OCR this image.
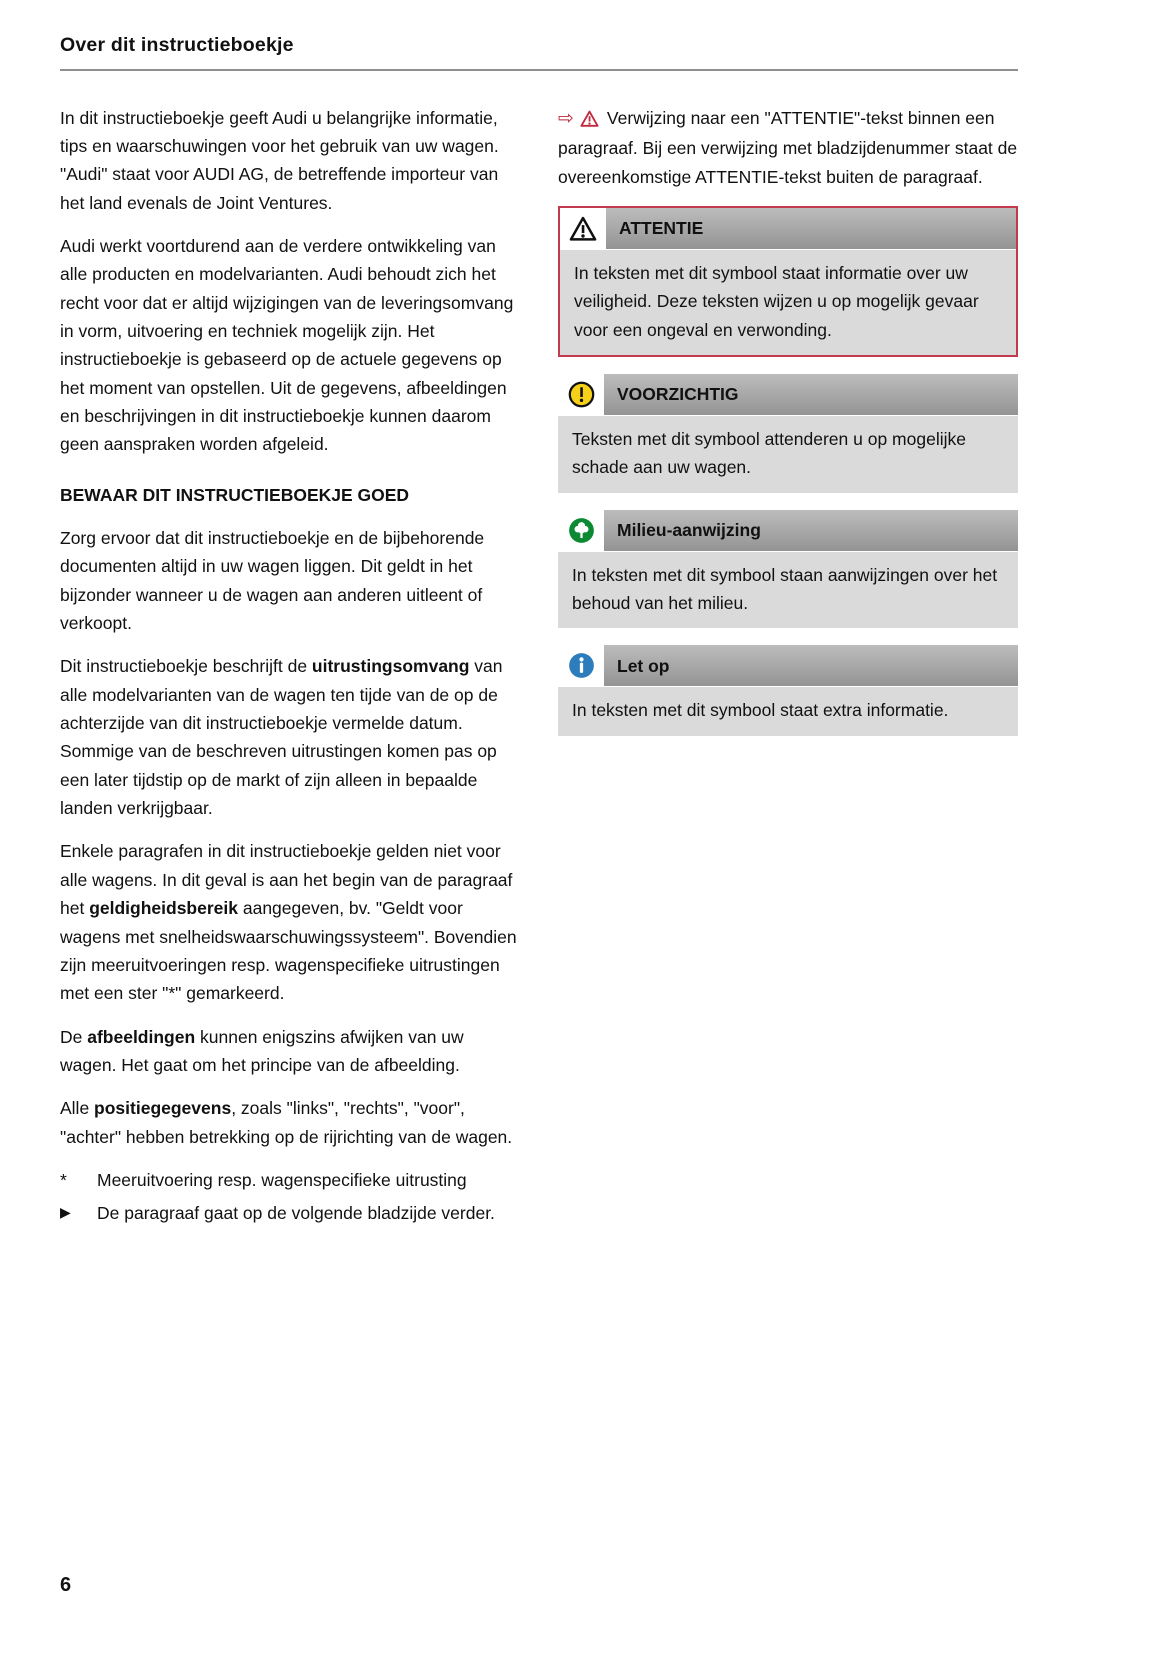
Over dit instructieboekje

In dit instructieboekje geeft Audi u belangrijke informatie, tips en waarschuwingen voor het gebruik van uw wagen. "Audi" staat voor AUDI AG, de betreffende importeur van het land evenals de Joint Ventures.

Audi werkt voortdurend aan de verdere ontwikkeling van alle producten en modelvarianten. Audi behoudt zich het recht voor dat er altijd wijzigingen van de leveringsomvang in vorm, uitvoering en techniek mogelijk zijn. Het instructieboekje is gebaseerd op de actuele gegevens op het moment van opstellen. Uit de gegevens, afbeeldingen en beschrijvingen in dit instructieboekje kunnen daarom geen aanspraken worden afgeleid.

BEWAAR DIT INSTRUCTIEBOEKJE GOED

Zorg ervoor dat dit instructieboekje en de bijbehorende documenten altijd in uw wagen liggen. Dit geldt in het bijzonder wanneer u de wagen aan anderen uitleent of verkoopt.

Dit instructieboekje beschrijft de uitrustingsomvang van alle modelvarianten van de wagen ten tijde van de op de achterzijde van dit instructieboekje vermelde datum. Sommige van de beschreven uitrustingen komen pas op een later tijdstip op de markt of zijn alleen in bepaalde landen verkrijgbaar.

Enkele paragrafen in dit instructieboekje gelden niet voor alle wagens. In dit geval is aan het begin van de paragraaf het geldigheidsbereik aangegeven, bv. "Geldt voor wagens met snelheidswaarschuwingssysteem". Bovendien zijn meeruitvoeringen resp. wagenspecifieke uitrustingen met een ster "*" gemarkeerd.

De afbeeldingen kunnen enigszins afwijken van uw wagen. Het gaat om het principe van de afbeelding.

Alle positiegegevens, zoals "links", "rechts", "voor", "achter" hebben betrekking op de rijrichting van de wagen.

*	Meeruitvoering resp. wagenspecifieke uitrusting
▶	De paragraaf gaat op de volgende bladzijde verder.

⇨ Verwijzing naar een "ATTENTIE"-tekst binnen een paragraaf. Bij een verwijzing met bladzijdenummer staat de overeenkomstige ATTENTIE-tekst buiten de paragraaf.

ATTENTIE
In teksten met dit symbool staat informatie over uw veiligheid. Deze teksten wijzen u op mogelijk gevaar voor een ongeval en verwonding.
VOORZICHTIG
Teksten met dit symbool attenderen u op mogelijke schade aan uw wagen.
Milieu-aanwijzing
In teksten met dit symbool staan aanwijzingen over het behoud van het milieu.
Let op
In teksten met dit symbool staat extra informatie.
6
